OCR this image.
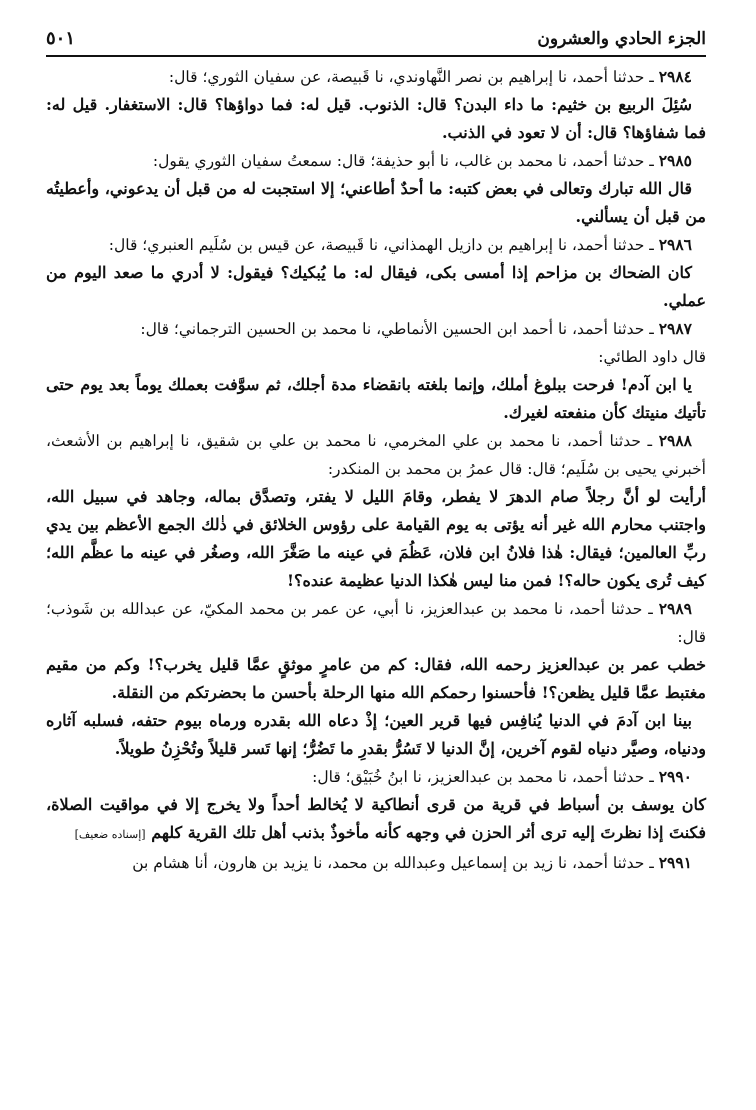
الجزء الحادي والعشرون
٥٠١

٢٩٨٤ ـ حدثنا أحمد، نا إبراهيم بن نصر النَّهاوندي، نا قَبيصة، عن سفيان الثوري؛ قال:

سُئِلَ الربيع بن خثيم: ما داء البدن؟ قال: الذنوب. قيل له: فما دواؤها؟ قال: الاستغفار. قيل له: فما شفاؤها؟ قال: أن لا تعود في الذنب.

٢٩٨٥ ـ حدثنا أحمد، نا محمد بن غالب، نا أبو حذيفة؛ قال: سمعتُ سفيان الثوري يقول:

قال الله تبارك وتعالى في بعض كتبه: ما أحدٌ أطاعني؛ إلا استجبت له من قبل أن يدعوني، وأعطيتُه من قبل أن يسألني.

٢٩٨٦ ـ حدثنا أحمد، نا إبراهيم بن دازيل الهمذاني، نا قَبيصة، عن قيس بن سُلَيم العنبري؛ قال:

كان الضحاك بن مزاحم إذا أمسى بكى، فيقال له: ما يُبكيك؟ فيقول: لا أدري ما صعد اليوم من عملي.

٢٩٨٧ ـ حدثنا أحمد، نا أحمد ابن الحسين الأنماطي، نا محمد بن الحسين الترجماني؛ قال:

قال داود الطائي:

يا ابن آدم! فرحت ببلوغ أملك، وإنما بلغته بانقضاء مدة أجلك، ثم سوَّفت بعملك يوماً بعد يوم حتى تأتيك منيتك كأن منفعته لغيرك.

٢٩٨٨ ـ حدثنا أحمد، نا محمد بن علي المخرمي، نا محمد بن علي بن شقيق، نا إبراهيم بن الأشعث، أخبرني يحيى بن سُلَيم؛ قال: قال عمرُ بن محمد بن المنكدر:

أرأيت لو أنَّ رجلاً صام الدهرَ لا يفطر، وقامَ الليل لا يفتر، وتصدَّق بماله، وجاهد في سبيل الله، واجتنب محارم الله غير أنه يؤتى به يوم القيامة على رؤوس الخلائق في ذٰلك الجمع الأعظم بين يدي ربِّ العالمين؛ فيقال: هٰذا فلانُ ابن فلان، عَظُمَ في عينه ما صَغَّرَ الله، وصغُر في عينه ما عظَّم الله؛ كيف تُرى يكون حاله؟! فمن منا ليس هٰكذا الدنيا عظيمة عنده؟!

٢٩٨٩ ـ حدثنا أحمد، نا محمد بن عبدالعزيز، نا أبي، عن عمر بن محمد المكيّ، عن عبدالله بن شَوذب؛ قال:

خطب عمر بن عبدالعزيز رحمه الله، فقال: كم من عامرٍ موثقٍ عمَّا قليل يخرب؟! وكم من مقيم مغتبط عمَّا قليل يظعن؟! فأحسنوا رحمكم الله منها الرحلة بأحسن ما بحضرتكم من النقلة.

بينا ابن آدمَ في الدنيا يُنافِس فيها قرير العين؛ إذْ دعاه الله بقدره ورماه بيوم حتفه، فسلبه آثاره ودنياه، وصيَّر دنياه لقوم آخرين، إنَّ الدنيا لا تَسُرُّ بقدرِ ما تَضُرُّ؛ إنها تَسر قليلاً وتُحْزِنُ طويلاً.

٢٩٩٠ ـ حدثنا أحمد، نا محمد بن عبدالعزيز، نا ابنُ خُبَيْق؛ قال:

كان يوسف بن أسباط في قرية من قرى أنطاكية لا يُخالط أحداً ولا يخرج إلا في مواقيت الصلاة، فكنتَ إذا نظرتَ إليه ترى أثر الحزن في وجهه كأنه مأخوذٌ بذنب أهل تلك القرية كلهم [إسناده ضعيف]

٢٩٩١ ـ حدثنا أحمد، نا زيد بن إسماعيل وعبدالله بن محمد، نا يزيد بن هارون، أنا هشام بن
